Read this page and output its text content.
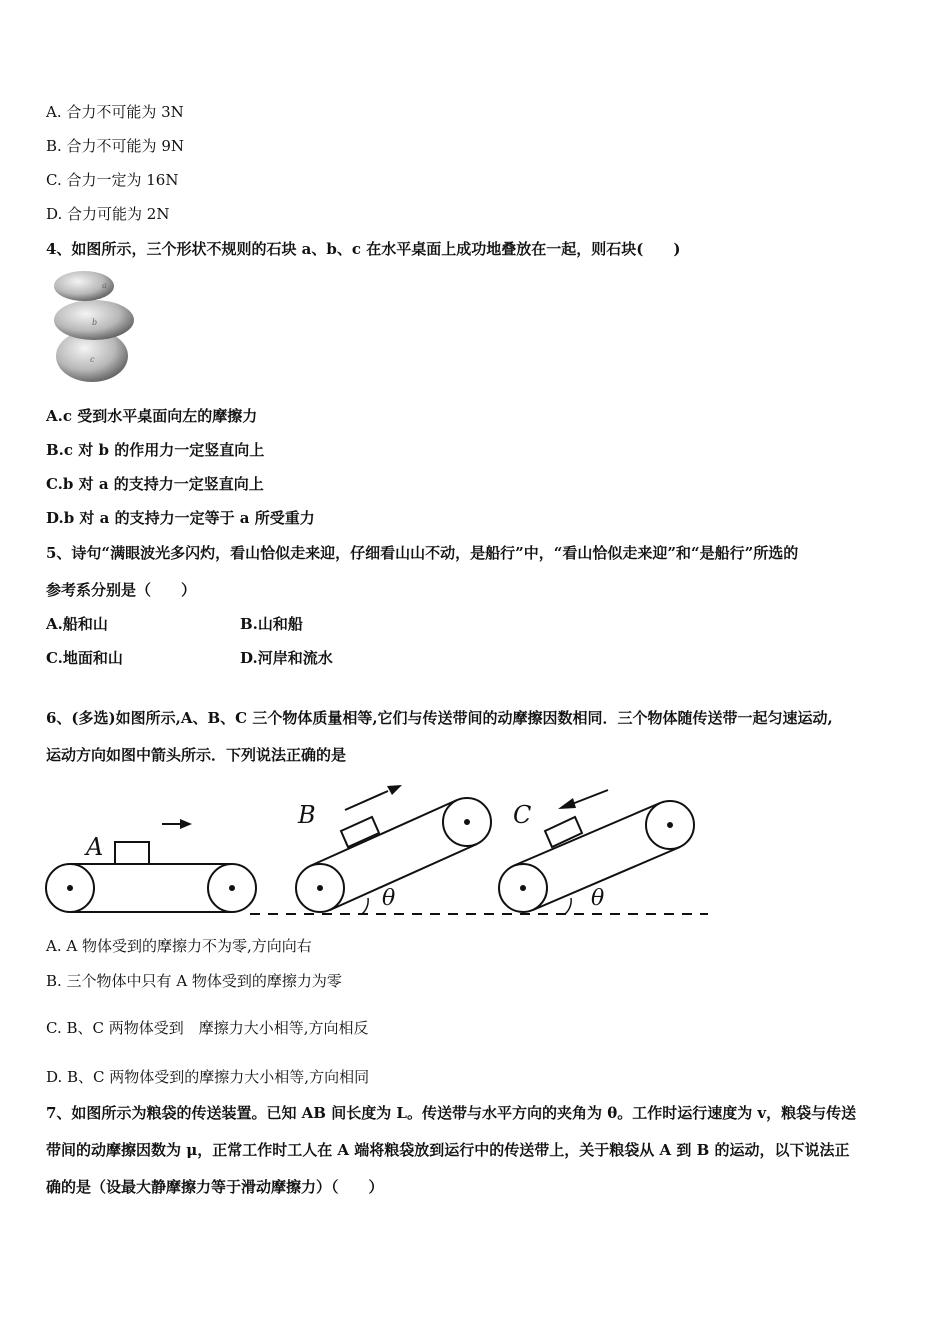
A. 合力不可能为 3N
B. 合力不可能为 9N
C. 合力一定为 16N
D. 合力可能为 2N
4、如图所示，三个形状不规则的石块 a、b、c 在水平桌面上成功地叠放在一起，则石块(　　)
a
b
c
A.c 受到水平桌面向左的摩擦力
B.c 对 b 的作用力一定竖直向上
C.b 对 a 的支持力一定竖直向上
D.b 对 a 的支持力一定等于 a 所受重力
5、诗句“满眼波光多闪灼，看山恰似走来迎，仔细看山山不动，是船行”中，“看山恰似走来迎”和“是船行”所选的
参考系分别是（　　）
A.船和山	B.山和船
C.地面和山	D.河岸和流水
6、(多选)如图所示,A、B、C 三个物体质量相等,它们与传送带间的动摩擦因数相同．三个物体随传送带一起匀速运动,
运动方向如图中箭头所示．下列说法正确的是
A
B	C
θ	θ
A. A 物体受到的摩擦力不为零,方向向右
B. 三个物体中只有 A 物体受到的摩擦力为零
C. B、C 两物体受到　摩擦力大小相等,方向相反
D. B、C 两物体受到的摩擦力大小相等,方向相同
7、如图所示为粮袋的传送装置。已知 AB 间长度为 L。传送带与水平方向的夹角为 θ。工作时运行速度为 v，粮袋与传送
带间的动摩擦因数为 μ，正常工作时工人在 A 端将粮袋放到运行中的传送带上，关于粮袋从 A 到 B 的运动，以下说法正
确的是（设最大静摩擦力等于滑动摩擦力）（　　）
